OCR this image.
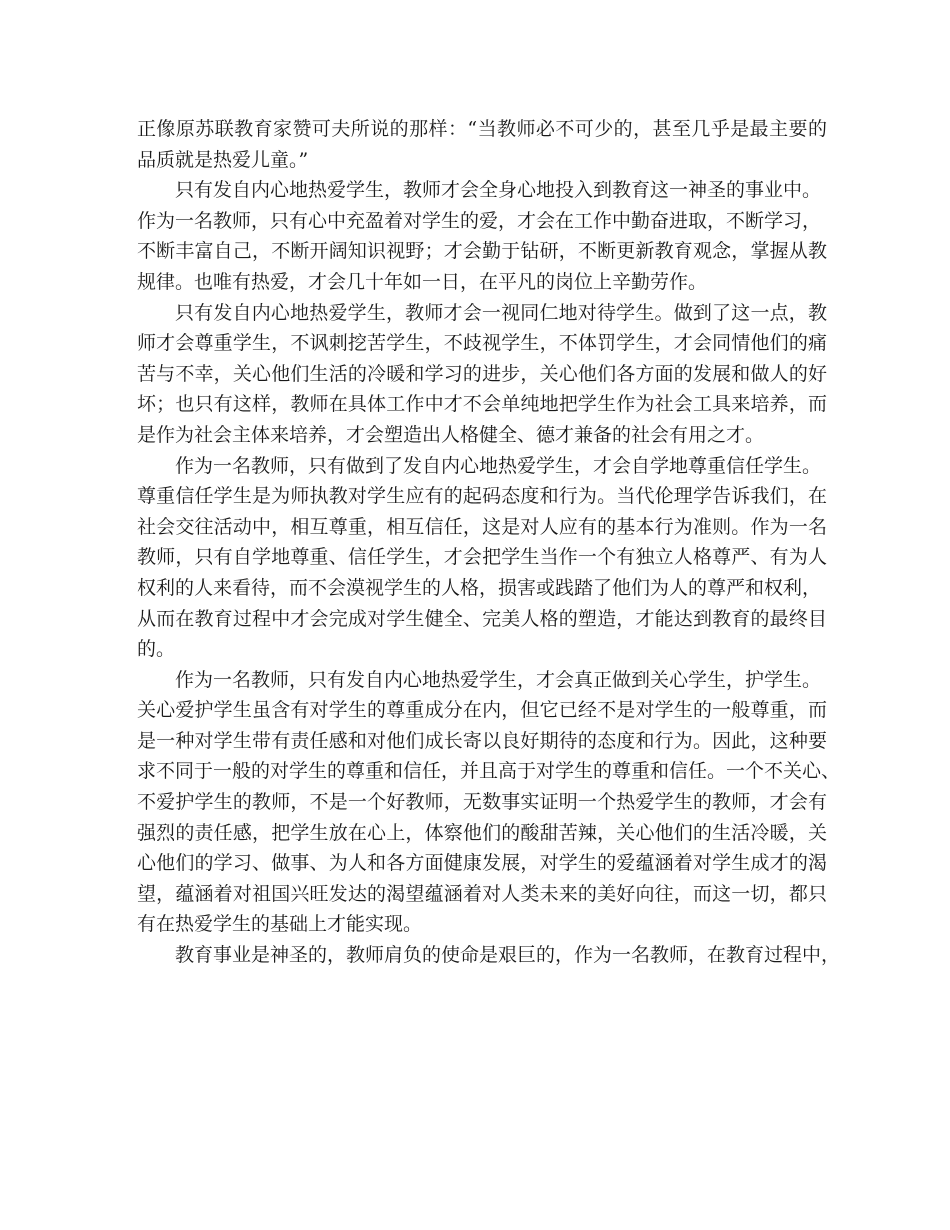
正像原苏联教育家赞可夫所说的那样：“当教师必不可少的，甚至几乎是最主要的
品质就是热爱儿童。”
只有发自内心地热爱学生，教师才会全身心地投入到教育这一神圣的事业中。
作为一名教师，只有心中充盈着对学生的爱，才会在工作中勤奋进取，不断学习，
不断丰富自己，不断开阔知识视野；才会勤于钻研，不断更新教育观念，掌握从教
规律。也唯有热爱，才会几十年如一日，在平凡的岗位上辛勤劳作。
只有发自内心地热爱学生，教师才会一视同仁地对待学生。做到了这一点，教
师才会尊重学生，不讽刺挖苦学生，不歧视学生，不体罚学生，才会同情他们的痛
苦与不幸，关心他们生活的冷暖和学习的进步，关心他们各方面的发展和做人的好
坏；也只有这样，教师在具体工作中才不会单纯地把学生作为社会工具来培养，而
是作为社会主体来培养，才会塑造出人格健全、德才兼备的社会有用之才。
作为一名教师，只有做到了发自内心地热爱学生，才会自学地尊重信任学生。
尊重信任学生是为师执教对学生应有的起码态度和行为。当代伦理学告诉我们，在
社会交往活动中，相互尊重，相互信任，这是对人应有的基本行为准则。作为一名
教师，只有自学地尊重、信任学生，才会把学生当作一个有独立人格尊严、有为人
权利的人来看待，而不会漠视学生的人格，损害或践踏了他们为人的尊严和权利，
从而在教育过程中才会完成对学生健全、完美人格的塑造，才能达到教育的最终目
的。
作为一名教师，只有发自内心地热爱学生，才会真正做到关心学生，护学生。
关心爱护学生虽含有对学生的尊重成分在内，但它已经不是对学生的一般尊重，而
是一种对学生带有责任感和对他们成长寄以良好期待的态度和行为。因此，这种要
求不同于一般的对学生的尊重和信任，并且高于对学生的尊重和信任。一个不关心、
不爱护学生的教师，不是一个好教师，无数事实证明一个热爱学生的教师，才会有
强烈的责任感，把学生放在心上，体察他们的酸甜苦辣，关心他们的生活冷暖，关
心他们的学习、做事、为人和各方面健康发展，对学生的爱蕴涵着对学生成才的渴
望，蕴涵着对祖国兴旺发达的渴望蕴涵着对人类未来的美好向往，而这一切，都只
有在热爱学生的基础上才能实现。
教育事业是神圣的，教师肩负的使命是艰巨的，作为一名教师，在教育过程中，
